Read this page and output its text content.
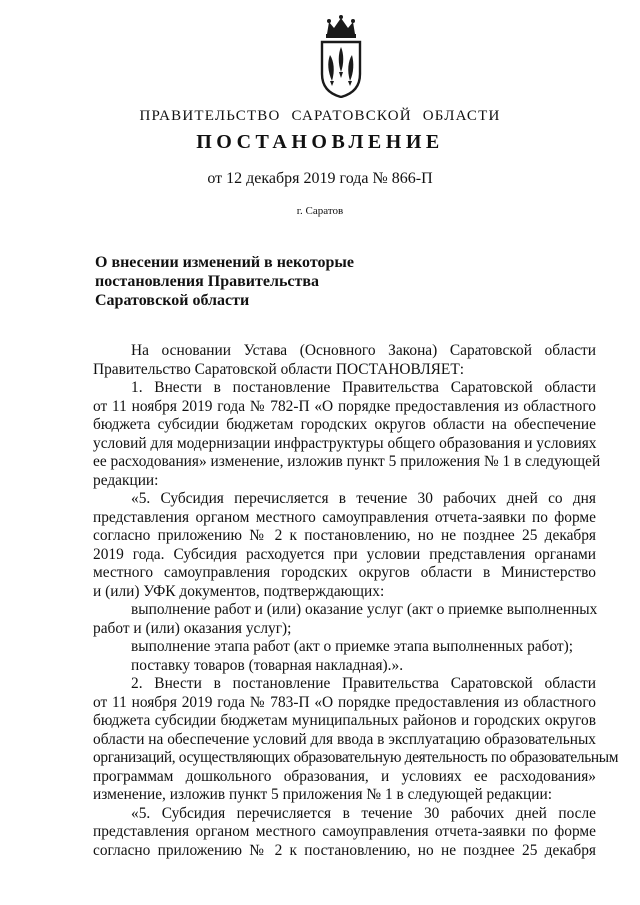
ПРАВИТЕЛЬСТВО САРАТОВСКОЙ ОБЛАСТИ
ПОСТАНОВЛЕНИЕ
от 12 декабря 2019 года № 866-П
г. Саратов
О внесении изменений в некоторые
постановления Правительства
Саратовской области
На основании Устава (Основного Закона) Саратовской области
Правительство Саратовской области ПОСТАНОВЛЯЕТ:
1. Внести в постановление Правительства Саратовской области
от 11 ноября 2019 года № 782-П «О порядке предоставления из областного
бюджета субсидии бюджетам городских округов области на обеспечение
условий для модернизации инфраструктуры общего образования и условиях
ее расходования» изменение, изложив пункт 5 приложения № 1 в следующей
редакции:
«5. Субсидия перечисляется в течение 30 рабочих дней со дня
представления органом местного самоуправления отчета-заявки по форме
согласно приложению № 2 к постановлению, но не позднее 25 декабря
2019 года. Субсидия расходуется при условии представления органами
местного самоуправления городских округов области в Министерство
и (или) УФК документов, подтверждающих:
выполнение работ и (или) оказание услуг (акт о приемке выполненных
работ и (или) оказания услуг);
выполнение этапа работ (акт о приемке этапа выполненных работ);
поставку товаров (товарная накладная).».
2. Внести в постановление Правительства Саратовской области
от 11 ноября 2019 года № 783-П «О порядке предоставления из областного
бюджета субсидии бюджетам муниципальных районов и городских округов
области на обеспечение условий для ввода в эксплуатацию образовательных
организаций, осуществляющих образовательную деятельность по образовательным
программам дошкольного образования, и условиях ее расходования»
изменение, изложив пункт 5 приложения № 1 в следующей редакции:
«5. Субсидия перечисляется в течение 30 рабочих дней после
представления органом местного самоуправления отчета-заявки по форме
согласно приложению № 2 к постановлению, но не позднее 25 декабря
